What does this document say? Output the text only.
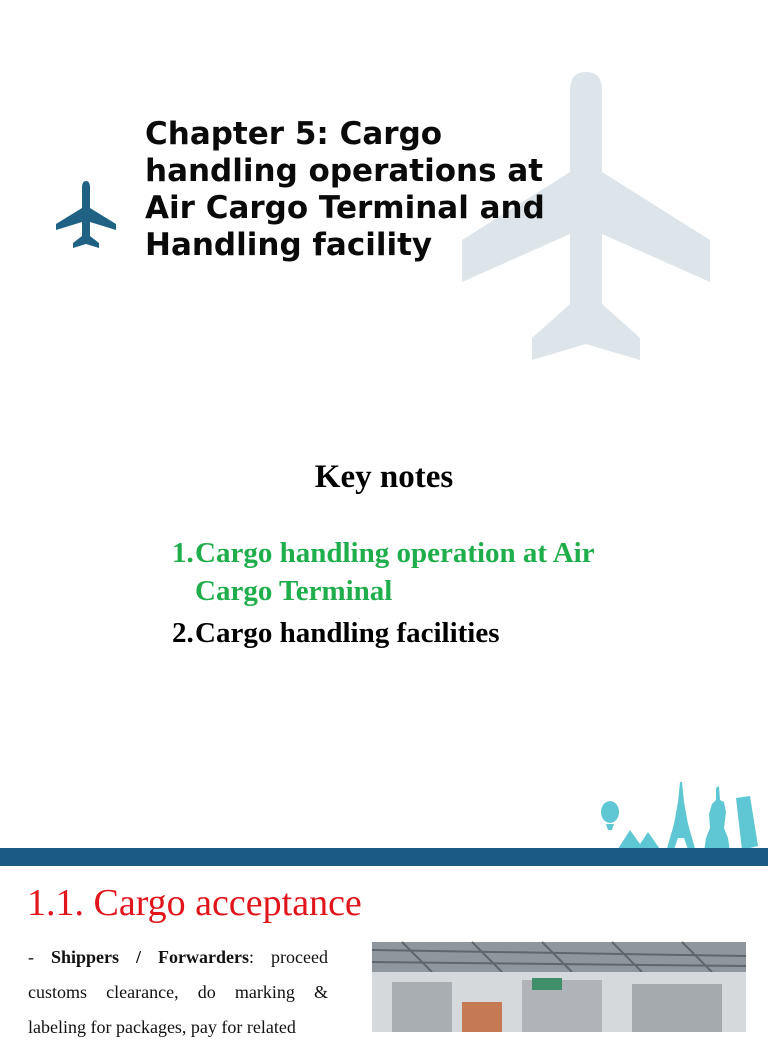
Chapter 5: Cargo handling operations at Air Cargo Terminal and Handling facility
Key notes
1. Cargo handling operation at Air Cargo Terminal
2. Cargo handling facilities
1.1. Cargo acceptance

- Shippers / Forwarders: proceed customs clearance, do marking & labeling for packages, pay for related
